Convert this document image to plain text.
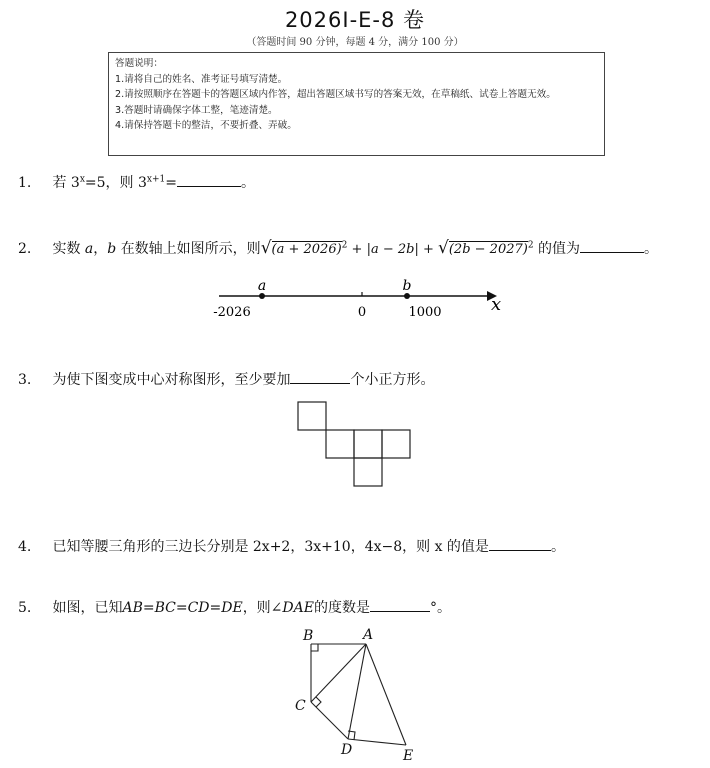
2026I-E-8 卷
（答题时间 90 分钟，每题 4 分，满分 100 分）
答题说明：
1.请将自己的姓名、准考证号填写清楚。
2.请按照顺序在答题卡的答题区域内作答，超出答题区域书写的答案无效，在草稿纸、试卷上答题无效。
3.答题时请确保字体工整，笔迹清楚。
4.请保持答题卡的整洁，不要折叠、弄破。
1. 若 $3^x=5$，则 $3^{x+1}=$	。
2. 实数 a，b 在数轴上如图所示，则$√(a + 2026)^2 + |a - 2b| + √(2b - 2027)^2$ 的值为	。
a	b
-2026	0	1000	x
3. 为使下图变成中心对称图形，至少要加	个小正方形。
4. 已知等腰三角形的三边长分别是 2x+2，3x+10，4x−8，则 x 的值是	。
5. 如图，已知AB=BC=CD=DE，则∠DAE的度数是	°。
B	A
C
D	E
